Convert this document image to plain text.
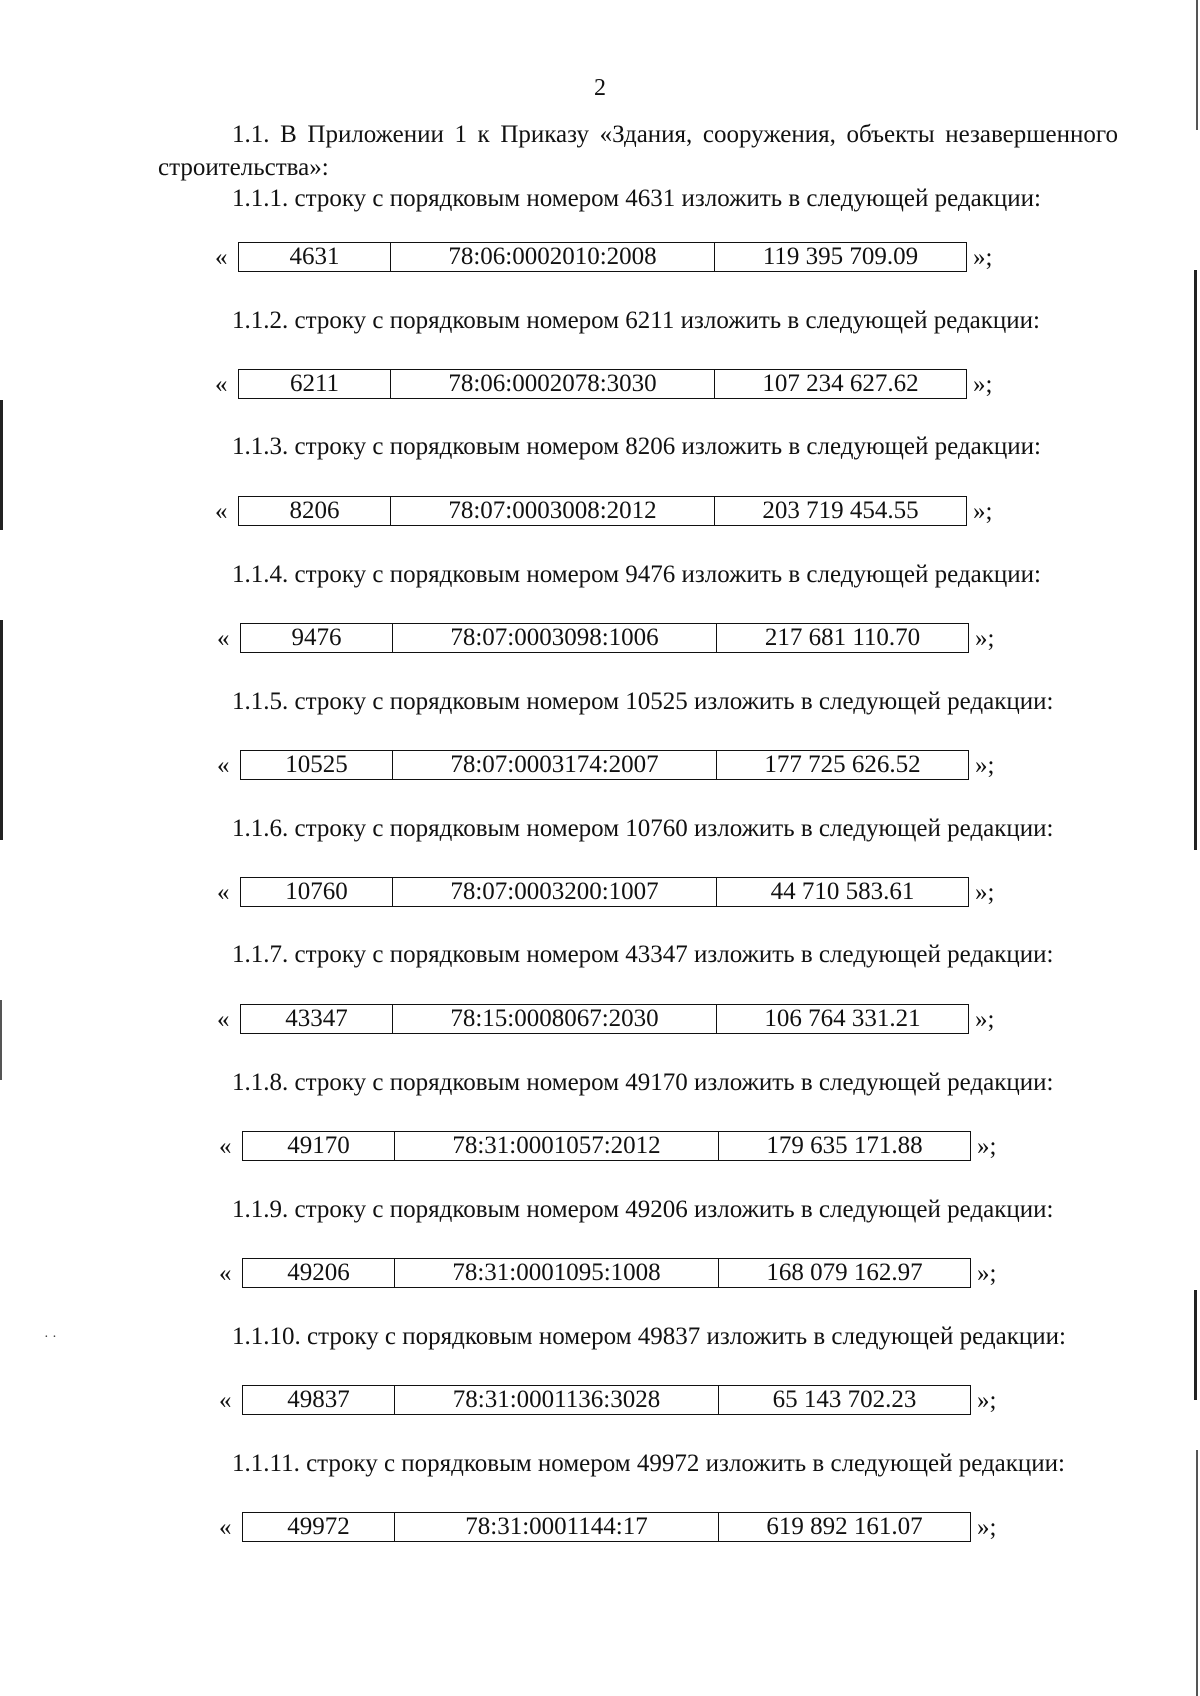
2
1.1. В Приложении 1 к Приказу «Здания, сооружения, объекты незавершенного
строительства»:
1.1.1. строку с порядковым номером 4631 изложить в следующей редакции:
«	4631	78:06:0002010:2008	119 395 709.09	»;
1.1.2. строку с порядковым номером 6211 изложить в следующей редакции:
«	6211	78:06:0002078:3030	107 234 627.62	»;
1.1.3. строку с порядковым номером 8206 изложить в следующей редакции:
«	8206	78:07:0003008:2012	203 719 454.55	»;
1.1.4. строку с порядковым номером 9476 изложить в следующей редакции:
«	9476	78:07:0003098:1006	217 681 110.70	»;
1.1.5. строку с порядковым номером 10525 изложить в следующей редакции:
«	10525	78:07:0003174:2007	177 725 626.52	»;
1.1.6. строку с порядковым номером 10760 изложить в следующей редакции:
«	10760	78:07:0003200:1007	44 710 583.61	»;
1.1.7. строку с порядковым номером 43347 изложить в следующей редакции:
«	43347	78:15:0008067:2030	106 764 331.21	»;
1.1.8. строку с порядковым номером 49170 изложить в следующей редакции:
«	49170	78:31:0001057:2012	179 635 171.88	»;
1.1.9. строку с порядковым номером 49206 изложить в следующей редакции:
«	49206	78:31:0001095:1008	168 079 162.97	»;
1.1.10. строку с порядковым номером 49837 изложить в следующей редакции:
«	49837	78:31:0001136:3028	65 143 702.23	»;
1.1.11. строку с порядковым номером 49972 изложить в следующей редакции:
«	49972	78:31:0001144:17	619 892 161.07	»;
· ·
